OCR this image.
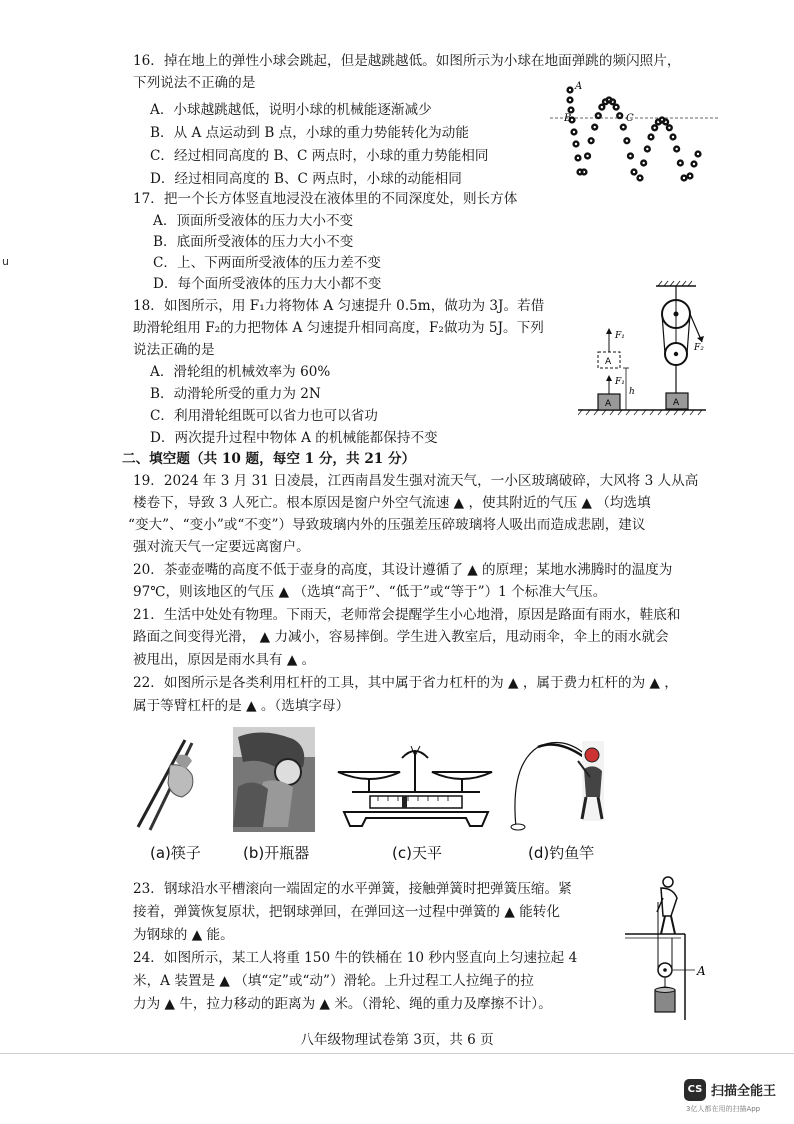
u
16．掉在地上的弹性小球会跳起，但是越跳越低。如图所示为小球在地面弹跳的频闪照片，
下列说法不正确的是
A．小球越跳越低，说明小球的机械能逐渐减少
B．从 A 点运动到 B 点，小球的重力势能转化为动能
C．经过相同高度的 B、C 两点时，小球的重力势能相同
D．经过相同高度的 B、C 两点时，小球的动能相同
A
B	C
17．把一个长方体竖直地浸没在液体里的不同深度处，则长方体
A．顶面所受液体的压力大小不变
B．底面所受液体的压力大小不变
C．上、下两面所受液体的压力差不变
D．每个面所受液体的压力大小都不变
18．如图所示，用 F₁力将物体 A 匀速提升 0.5m，做功为 3J。若借
助滑轮组用 F₂的力把物体 A 匀速提升相同高度，F₂做功为 5J。下列
说法正确的是
A．滑轮组的机械效率为 60%
B．动滑轮所受的重力为 2N
C．利用滑轮组既可以省力也可以省功
D．两次提升过程中物体 A 的机械能都保持不变
F₂
A
A
A
F₁
F₁
h
二、填空题（共 10 题，每空 1 分，共 21 分）
19．2024 年 3 月 31 日凌晨，江西南昌发生强对流天气，一小区玻璃破碎，大风将 3 人从高
楼卷下，导致 3 人死亡。根本原因是窗户外空气流速 ▲ ，使其附近的气压 ▲ （均选填
“变大”、“变小”或“不变”）导致玻璃内外的压强差压碎玻璃将人吸出而造成悲剧，建议
强对流天气一定要远离窗户。
20．茶壶壶嘴的高度不低于壶身的高度，其设计遵循了 ▲ 的原理；某地水沸腾时的温度为
97℃，则该地区的气压 ▲ （选填“高于”、“低于”或“等于”）1 个标准大气压。
21．生活中处处有物理。下雨天，老师常会提醒学生小心地滑，原因是路面有雨水，鞋底和
路面之间变得光滑， ▲ 力减小，容易摔倒。学生进入教室后，甩动雨伞，伞上的雨水就会
被甩出，原因是雨水具有 ▲ 。
22．如图所示是各类利用杠杆的工具，其中属于省力杠杆的为 ▲ ，属于费力杠杆的为 ▲ ，
属于等臂杠杆的是 ▲ 。（选填字母）
(a)筷子	(b)开瓶器	(c)天平	(d)钓鱼竿
23．钢球沿水平槽滚向一端固定的水平弹簧，接触弹簧时把弹簧压缩。紧
接着，弹簧恢复原状，把钢球弹回，在弹回这一过程中弹簧的 ▲ 能转化
为钢球的 ▲ 能。
24．如图所示，某工人将重 150 牛的铁桶在 10 秒内竖直向上匀速拉起 4
米，A 装置是 ▲ （填“定”或“动”）滑轮。上升过程工人拉绳子的拉
力为 ▲ 牛，拉力移动的距离为 ▲ 米。（滑轮、绳的重力及摩擦不计）。
A
八年级物理试卷第 3页，共 6 页
CS 扫描全能王
3亿人都在用的扫描App
